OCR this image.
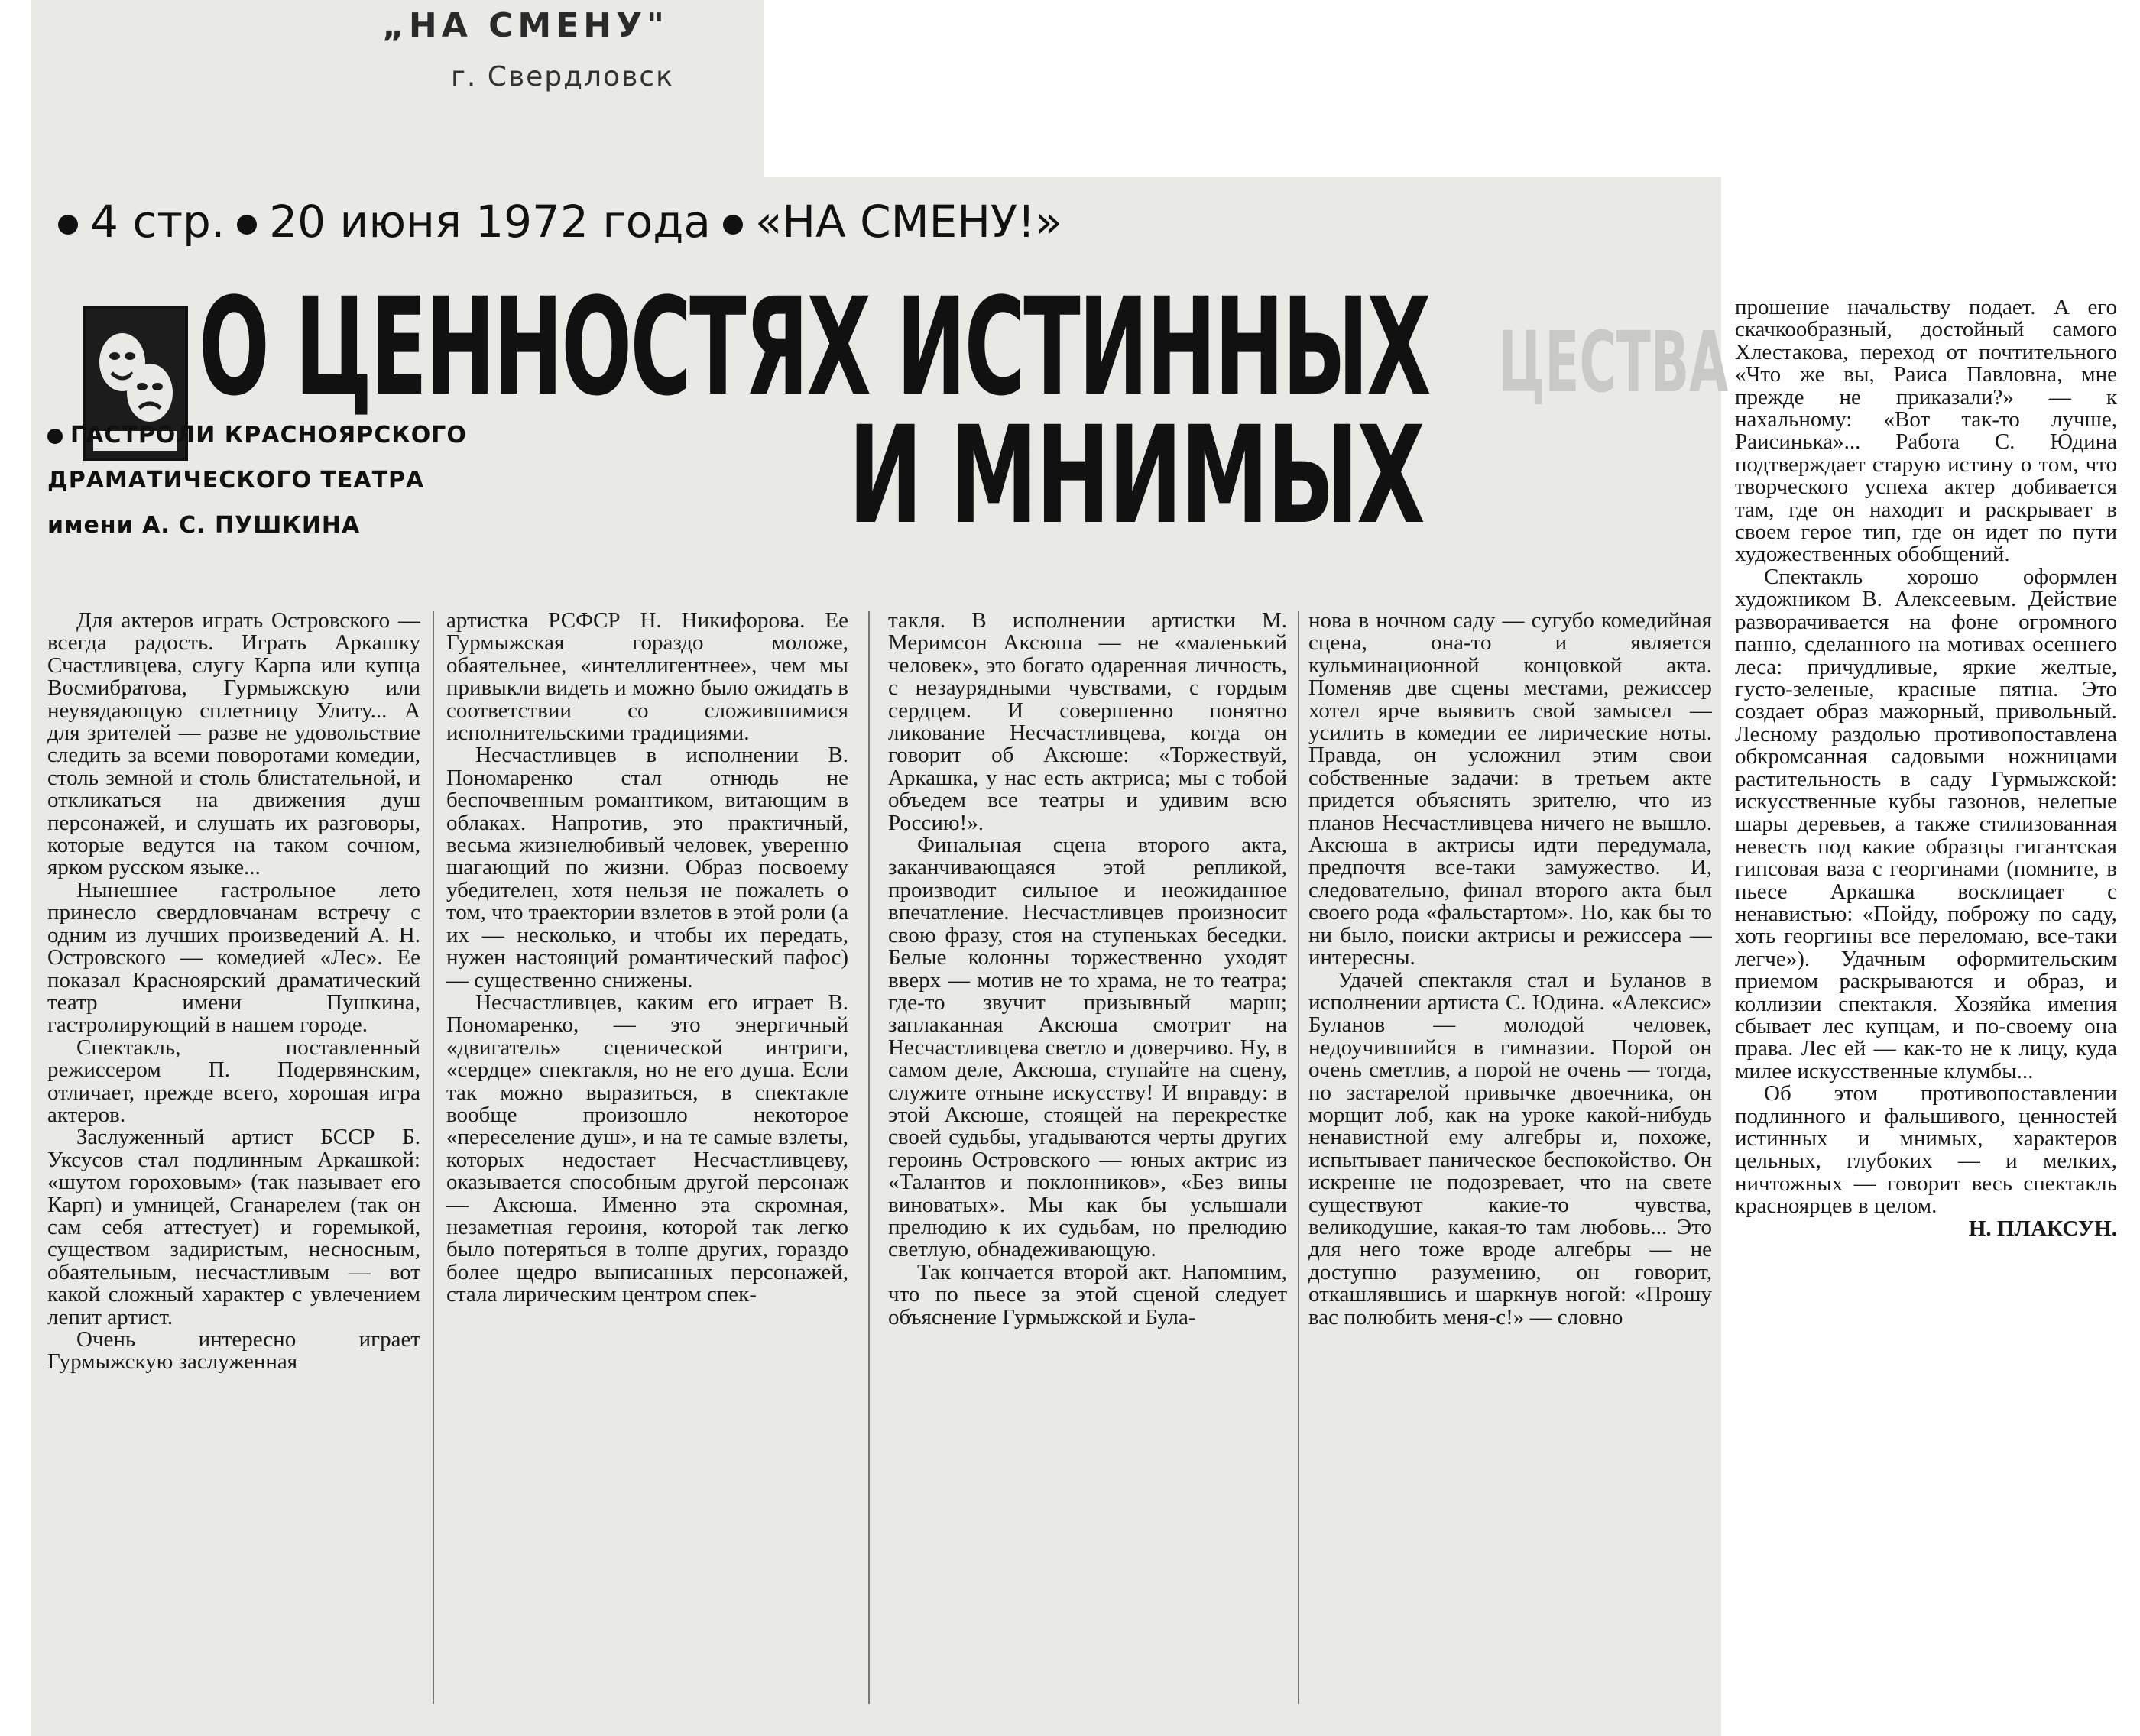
ЦЕСТВА
„НА СМЕНУ"
г. Свердловск
4 стр. 20 июня 1972 года «НА СМЕНУ!»
О ЦЕННОСТЯХ ИСТИННЫХ
И МНИМЫХ
ГАСТРОЛИ КРАСНОЯРСКОГО
ДРАМАТИЧЕСКОГО ТЕАТРА
имени А. С. ПУШКИНА

Для актеров играть Островского — всегда радость. Играть Аркашку Счастливцева, слугу Карпа или купца Восмибратова, Гурмыжскую или неувядающую сплетницу Улиту... А для зрителей — разве не удовольствие следить за всеми поворотами комедии, столь земной и столь блистательной, и откликаться на движения душ персонажей, и слушать их разговоры, которые ведутся на таком сочном, ярком русском языке...

Нынешнее гастрольное лето принесло свердловчанам встречу с одним из лучших произведений А. Н. Островского — комедией «Лес». Ее показал Красноярский драматический театр имени Пушкина, гастролирующий в нашем городе.

Спектакль, поставленный режиссером П. Подервянским, отличает, прежде всего, хорошая игра актеров.

Заслуженный артист БССР Б. Уксусов стал подлинным Аркашкой: «шутом гороховым» (так называет его Карп) и умницей, Сганарелем (так он сам себя аттестует) и горемыкой, существом задиристым, несносным, обаятельным, несчастливым — вот какой сложный характер с увлечением лепит артист.

Очень интересно играет Гурмыжскую заслуженная

артистка РСФСР Н. Никифорова. Ее Гурмыжская гораздо моложе, обаятельнее, «интеллигентнее», чем мы привыкли видеть и можно было ожидать в соответствии со сложившимися исполнительскими традициями.

Несчастливцев в исполнении В. Пономаренко стал отнюдь не беспочвенным романтиком, витающим в облаках. Напротив, это практичный, весьма жизнелюбивый человек, уверенно шагающий по жизни. Образ посвоему убедителен, хотя нельзя не пожалеть о том, что траектории взлетов в этой роли (а их — несколько, и чтобы их передать, нужен настоящий романтический пафос) — существенно снижены.

Несчастливцев, каким его играет В. Пономаренко, — это энергичный «двигатель» сценической интриги, «сердце» спектакля, но не его душа. Если так можно выразиться, в спектакле вообще произошло некоторое «переселение душ», и на те самые взлеты, которых недостает Несчастливцеву, оказывается способным другой персонаж — Аксюша. Именно эта скромная, незаметная героиня, которой так легко было потеряться в толпе других, гораздо более щедро выписанных персонажей, стала лирическим центром спек-

такля. В исполнении артистки М. Меримсон Аксюша — не «маленький человек», это богато одаренная личность, с незаурядными чувствами, с гордым сердцем. И совершенно понятно ликование Несчастливцева, когда он говорит об Аксюше: «Торжествуй, Аркашка, у нас есть актриса; мы с тобой объедем все театры и удивим всю Россию!».

Финальная сцена второго акта, заканчивающаяся этой репликой, производит сильное и неожиданное впечатление. Несчастливцев произносит свою фразу, стоя на ступеньках беседки. Белые колонны торжественно уходят вверх — мотив не то храма, не то театра; где-то звучит призывный марш; заплаканная Аксюша смотрит на Несчастливцева светло и доверчиво. Ну, в самом деле, Аксюша, ступайте на сцену, служите отныне искусству! И вправду: в этой Аксюше, стоящей на перекрестке своей судьбы, угадываются черты других героинь Островского — юных актрис из «Талантов и поклонников», «Без вины виноватых». Мы как бы услышали прелюдию к их судьбам, но прелюдию светлую, обнадеживающую.

Так кончается второй акт. Напомним, что по пьесе за этой сценой следует объяснение Гурмыжской и Була-

нова в ночном саду — сугубо комедийная сцена, она-то и является кульминационной концовкой акта. Поменяв две сцены местами, режиссер хотел ярче выявить свой замысел — усилить в комедии ее лирические ноты. Правда, он усложнил этим свои собственные задачи: в третьем акте придется объяснять зрителю, что из планов Несчастливцева ничего не вышло. Аксюша в актрисы идти передумала, предпочтя все-таки замужество. И, следовательно, финал второго акта был своего рода «фальстартом». Но, как бы то ни было, поиски актрисы и режиссера — интересны.

Удачей спектакля стал и Буланов в исполнении артиста С. Юдина. «Алексис» Буланов — молодой человек, недоучившийся в гимназии. Порой он очень сметлив, а порой не очень — тогда, по застарелой привычке двоечника, он морщит лоб, как на уроке какой-нибудь ненавистной ему алгебры и, похоже, испытывает паническое беспокойство. Он искренне не подозревает, что на свете существуют какие-то чувства, великодушие, какая-то там любовь... Это для него тоже вроде алгебры — не доступно разумению, он говорит, откашлявшись и шаркнув ногой: «Прошу вас полюбить меня-с!» — словно

прошение начальству подает. А его скачкообразный, достойный самого Хлестакова, переход от почтительного «Что же вы, Раиса Павловна, мне прежде не приказали?» — к нахальному: «Вот так-то лучше, Раисинька»... Работа С. Юдина подтверждает старую истину о том, что творческого успеха актер добивается там, где он находит и раскрывает в своем герое тип, где он идет по пути художественных обобщений.

Спектакль хорошо оформлен художником В. Алексеевым. Действие разворачивается на фоне огромного панно, сделанного на мотивах осеннего леса: причудливые, яркие желтые, густо-зеленые, красные пятна. Это создает образ мажорный, привольный. Лесному раздолью противопоставлена обкромсанная садовыми ножницами растительность в саду Гурмыжской: искусственные кубы газонов, нелепые шары деревьев, а также стилизованная невесть под какие образцы гигантская гипсовая ваза с георгинами (помните, в пьесе Аркашка восклицает с ненавистью: «Пойду, поброжу по саду, хоть георгины все переломаю, все-таки легче»). Удачным оформительским приемом раскрываются и образ, и коллизии спектакля. Хозяйка имения сбывает лес купцам, и по-своему она права. Лес ей — как-то не к лицу, куда милее искусственные клумбы...

Об этом противопоставлении подлинного и фальшивого, ценностей истинных и мнимых, характеров цельных, глубоких — и мелких, ничтожных — говорит весь спектакль красноярцев в целом.

Н. ПЛАКСУН.
